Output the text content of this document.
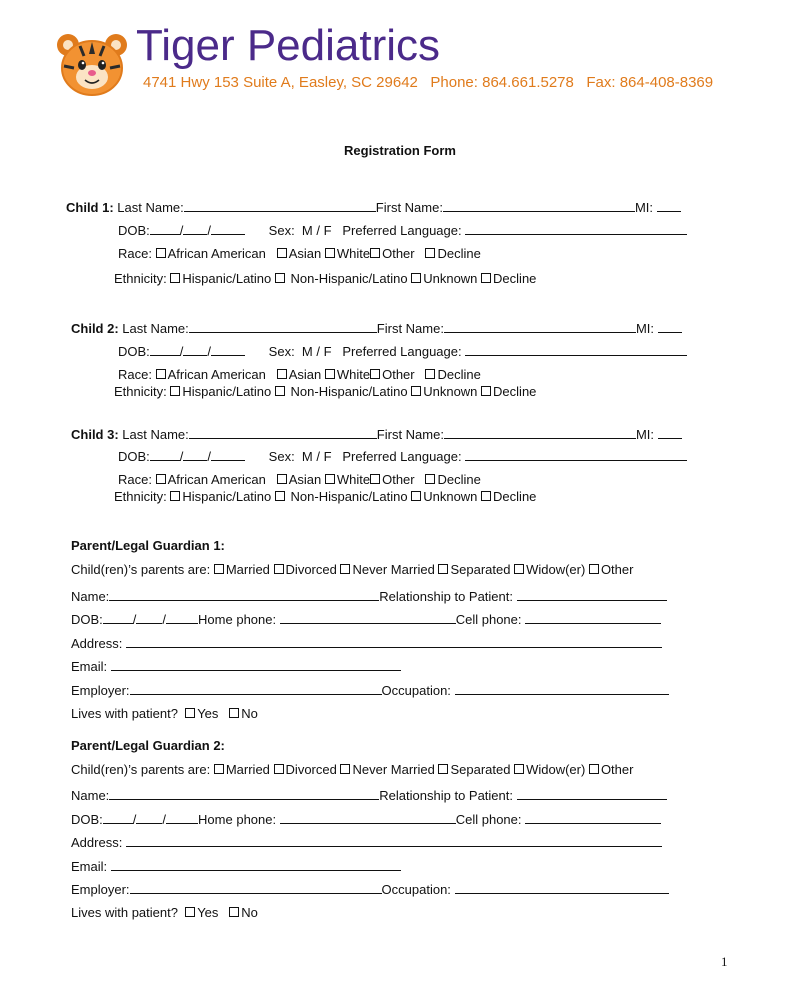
Tiger Pediatrics
4741 Hwy 153 Suite A, Easley, SC 29642   Phone: 864.661.5278   Fax: 864-408-8369
Registration Form
Child 1: Last Name:	First Name:	MI:
DOB: / /	Sex:  M / F Preferred Language:
Race: African American Asian White Other Decline
Ethnicity: Hispanic/Latino Non-Hispanic/Latino Unknown Decline
Child 2: Last Name:	First Name:	MI:
DOB: / /	Sex:  M / F Preferred Language:
Race: African American Asian White Other Decline
Ethnicity: Hispanic/Latino Non-Hispanic/Latino Unknown Decline
Child 3: Last Name:	First Name:	MI:
DOB: / /	Sex:  M / F Preferred Language:
Race: African American Asian White Other Decline
Ethnicity: Hispanic/Latino Non-Hispanic/Latino Unknown Decline
Parent/Legal Guardian 1:
Child(ren)’s parents are: Married Divorced Never Married Separated Widow(er) Other
Name:	Relationship to Patient:
DOB: / / Home phone:	Cell phone:
Address:
Email:
Employer:	Occupation:
Lives with patient? Yes No
Parent/Legal Guardian 2:
Child(ren)’s parents are: Married Divorced Never Married Separated Widow(er) Other
Name:	Relationship to Patient:
DOB: / / Home phone:	Cell phone:
Address:
Email:
Employer:	Occupation:
Lives with patient? Yes No
1
